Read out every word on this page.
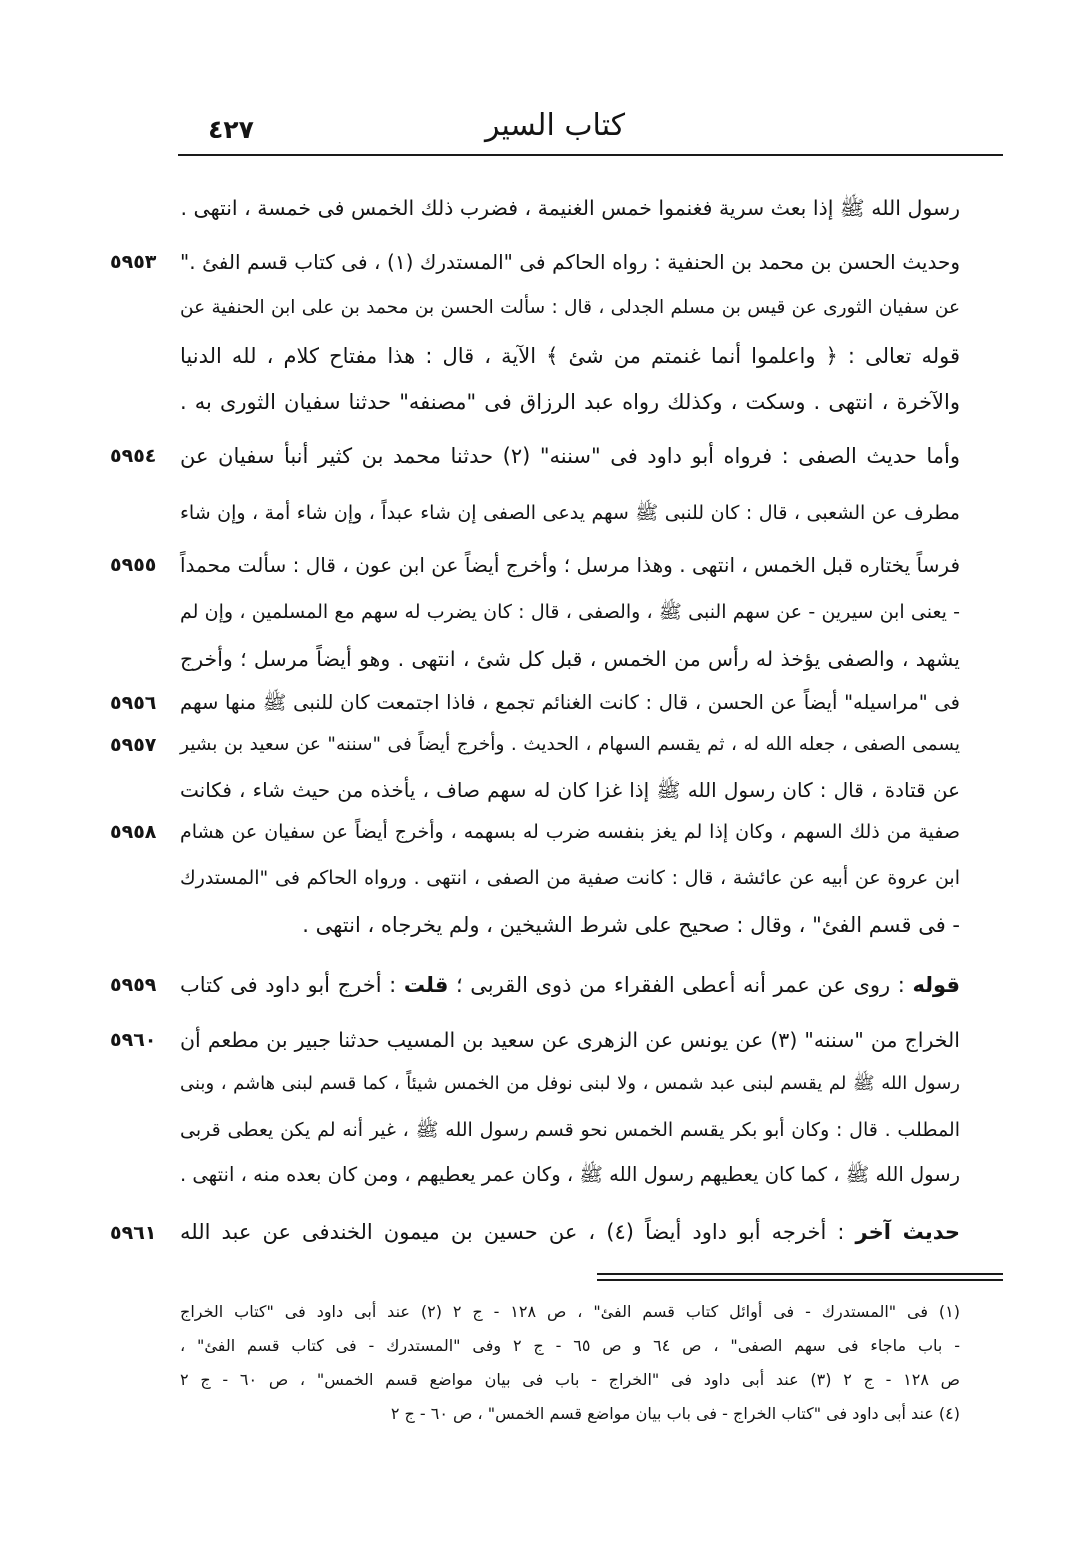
كتاب السير
٤٢٧
رسول الله ﷺ إذا بعث سرية فغنموا خمس الغنيمة ، فضرب ذلك الخمس فى خمسة ، انتهى .
وحديث الحسن بن محمد بن الحنفية : رواه الحاكم فى "المستدرك (١) ، فى كتاب قسم الفئ ."
عن سفيان الثورى عن قيس بن مسلم الجدلى ، قال : سألت الحسن بن محمد بن على ابن الحنفية عن
قوله تعالى : ﴿ واعلموا أنما غنمتم من شئ ﴾ الآية ، قال : هذا مفتاح كلام ، لله الدنيا
والآخرة ، انتهى . وسكت ، وكذلك رواه عبد الرزاق فى "مصنفه" حدثنا سفيان الثورى به .
وأما حديث الصفى : فرواه أبو داود فى "سننه" (٢) حدثنا محمد بن كثير أنبأ سفيان عن
مطرف عن الشعبى ، قال : كان للنبى ﷺ سهم يدعى الصفى إن شاء عبداً ، وإن شاء أمة ، وإن شاء
فرساً يختاره قبل الخمس ، انتهى . وهذا مرسل ؛ وأخرج أيضاً عن ابن عون ، قال : سألت محمداً
- يعنى ابن سيرين - عن سهم النبى ﷺ ، والصفى ، قال : كان يضرب له سهم مع المسلمين ، وإن لم
يشهد ، والصفى يؤخذ له رأس من الخمس ، قبل كل شئ ، انتهى . وهو أيضاً مرسل ؛ وأخرج
فى "مراسيله" أيضاً عن الحسن ، قال : كانت الغنائم تجمع ، فاذا اجتمعت كان للنبى ﷺ منها سهم
يسمى الصفى ، جعله الله له ، ثم يقسم السهام ، الحديث . وأخرج أيضاً فى "سننه" عن سعيد بن بشير
عن قتادة ، قال : كان رسول الله ﷺ إذا غزا كان له سهم صاف ، يأخذه من حيث شاء ، فكانت
صفية من ذلك السهم ، وكان إذا لم يغز بنفسه ضرب له بسهمه ، وأخرج أيضاً عن سفيان عن هشام
ابن عروة عن أبيه عن عائشة ، قال : كانت صفية من الصفى ، انتهى . ورواه الحاكم فى "المستدرك
- فى قسم الفئ" ، وقال : صحيح على شرط الشيخين ، ولم يخرجاه ، انتهى .
قوله : روى عن عمر أنه أعطى الفقراء من ذوى القربى ؛ قلت : أخرج أبو داود فى كتاب
الخراج من "سننه" (٣) عن يونس عن الزهرى عن سعيد بن المسيب حدثنا جبير بن مطعم أن
رسول الله ﷺ لم يقسم لبنى عبد شمس ، ولا لبنى نوفل من الخمس شيئاً ، كما قسم لبنى هاشم ، وبنى
المطلب . قال : وكان أبو بكر يقسم الخمس نحو قسم رسول الله ﷺ ، غير أنه لم يكن يعطى قربى
رسول الله ﷺ ، كما كان يعطيهم رسول الله ﷺ ، وكان عمر يعطيهم ، ومن كان بعده منه ، انتهى .
حديث آخر : أخرجه أبو داود أيضاً (٤) ، عن حسين بن ميمون الخندفى عن عبد الله
٥٩٥٣
٥٩٥٤
٥٩٥٥
٥٩٥٦
٥٩٥٧
٥٩٥٨
٥٩٥٩
٥٩٦٠
٥٩٦١
(١) فى "المستدرك - فى أوائل كتاب قسم الفئ" ، ص ١٢٨ - ج ٢ (٢) عند أبى داود فى "كتاب الخراج
- باب ماجاء فى سهم الصفى" ، ص ٦٤ و ص ٦٥ - ج ٢ وفى "المستدرك - فى كتاب قسم الفئ" ،
ص ١٢٨ - ج ٢ (٣) عند أبى داود فى "الخراج - باب فى بيان مواضع قسم الخمس" ، ص ٦٠ - ج ٢
(٤) عند أبى داود فى "كتاب الخراج - فى باب بيان مواضع قسم الخمس" ، ص ٦٠ - ج ٢
